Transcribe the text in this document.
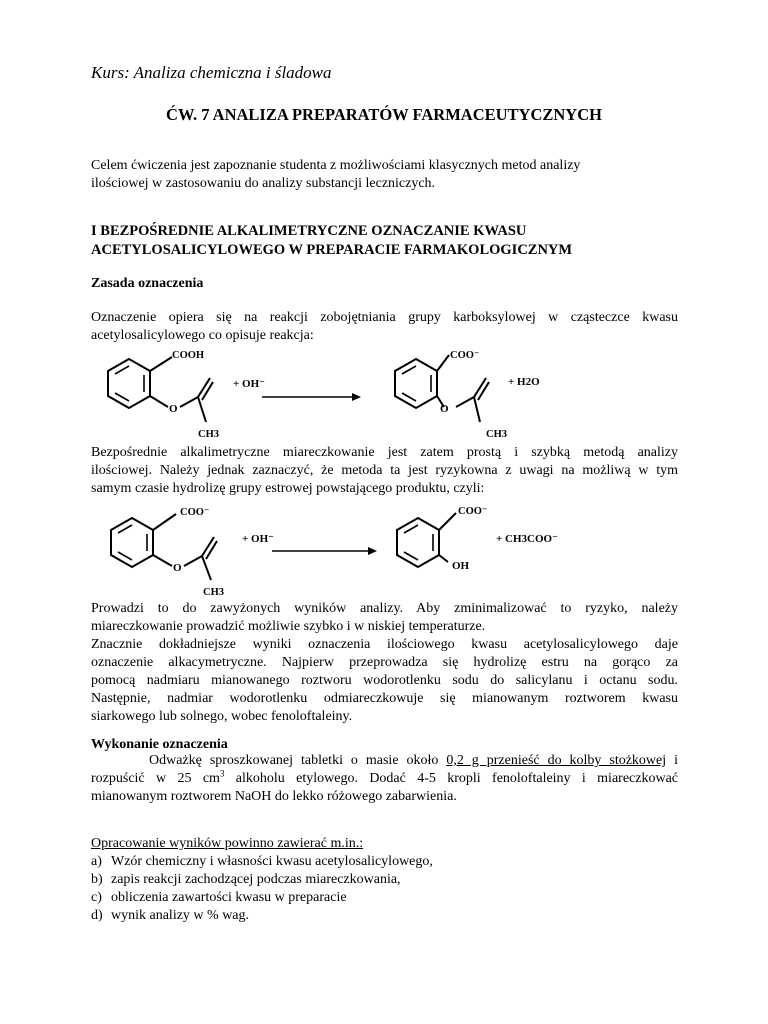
Kurs: Analiza chemiczna i śladowa
ĆW. 7 ANALIZA PREPARATÓW FARMACEUTYCZNYCH
Celem ćwiczenia jest zapoznanie studenta z możliwościami klasycznych metod analizy
ilościowej w zastosowaniu do analizy substancji leczniczych.
I BEZPOŚREDNIE ALKALIMETRYCZNE OZNACZANIE KWASU
ACETYLOSALICYLOWEGO W PREPARACIE FARMAKOLOGICZNYM
Zasada oznaczenia
Oznaczenie opiera się na reakcji zobojętniania grupy karboksylowej w cząsteczce kwasu
acetylosalicylowego co opisuje reakcja:
COOH
O
CH3
+ OH⁻
COO⁻
O
CH3
+ H2O
Bezpośrednie alkalimetryczne miareczkowanie jest zatem prostą i szybką metodą analizy
ilościowej. Należy jednak zaznaczyć, że metoda ta jest ryzykowna z uwagi na możliwą w tym
samym czasie hydrolizę grupy estrowej powstającego produktu, czyli:
COO⁻
O
CH3
+ OH⁻
COO⁻
OH
+ CH3COO⁻
Prowadzi to do zawyżonych wyników analizy. Aby zminimalizować to ryzyko, należy
miareczkowanie prowadzić możliwie szybko i w niskiej temperaturze.
Znacznie dokładniejsze wyniki oznaczenia ilościowego kwasu acetylosalicylowego daje
oznaczenie alkacymetryczne. Najpierw przeprowadza się hydrolizę estru na gorąco za
pomocą nadmiaru mianowanego roztworu wodorotlenku sodu do salicylanu i octanu sodu.
Następnie, nadmiar wodorotlenku odmiareczkowuje się mianowanym roztworem kwasu
siarkowego lub solnego, wobec fenoloftaleiny.
Wykonanie oznaczenia
Odważkę sproszkowanej tabletki o masie około 0,2 g przenieść do kolby stożkowej i
rozpuścić w 25 $cm^3$ alkoholu etylowego. Dodać 4-5 kropli fenoloftaleiny i miareczkować
mianowanym roztworem NaOH do lekko różowego zabarwienia.
Opracowanie wyników powinno zawierać m.in.:
a) Wzór chemiczny i własności kwasu acetylosalicylowego,
b) zapis reakcji zachodzącej podczas miareczkowania,
c) obliczenia zawartości kwasu w preparacie
d) wynik analizy w % wag.
